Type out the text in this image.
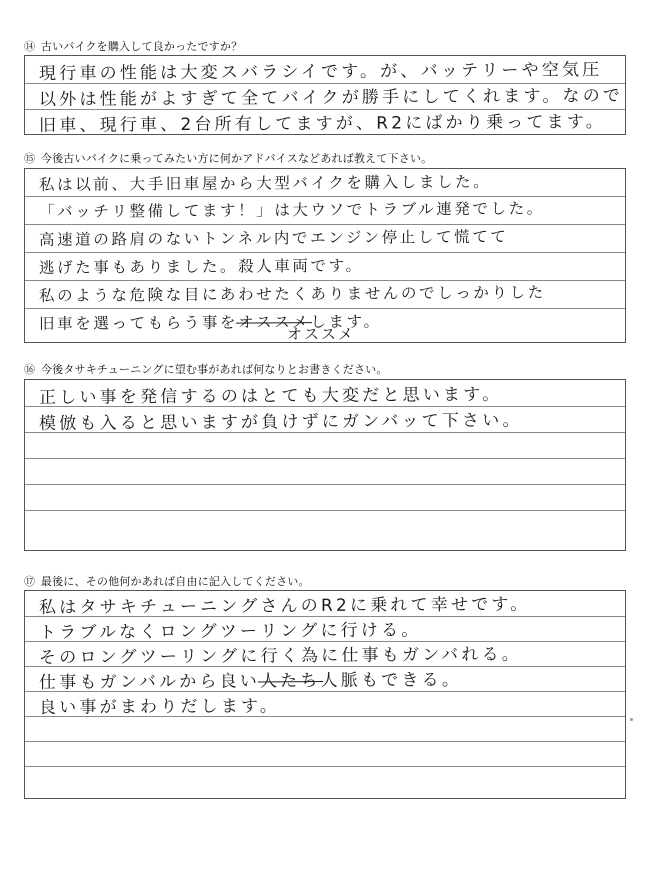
⑭ 古いバイクを購入して良かったですか？
現行車の性能は大変スバラシイです。が、バッテリーや空気圧
以外は性能がよすぎて全てバイクが勝手にしてくれます。なので
旧車、現行車、2台所有してますが、R2にばかり乗ってます。
⑮ 今後古いバイクに乗ってみたい方に何かアドバイスなどあれば教えて下さい。
私は以前、大手旧車屋から大型バイクを購入しました。
「バッチリ整備してます！」は大ウソでトラブル連発でした。
高速道の路肩のないトンネル内でエンジン停止して慌てて
逃げた事もありました。殺人車両です。
私のような危険な目にあわせたくありませんのでしっかりした
旧車を選ってもらう事をオススメします。
オススメ
⑯ 今後タサキチューニングに望む事があれば何なりとお書きください。
正しい事を発信するのはとても大変だと思います。
模倣も入ると思いますが負けずにガンバッて下さい。
⑰ 最後に、その他何かあれば自由に記入してください。
私はタサキチューニングさんのR2に乗れて幸せです。
トラブルなくロングツーリングに行ける。
そのロングツーリングに行く為に仕事もガンバれる。
仕事もガンバルから良い人たち人脈もできる。
良い事がまわりだします。
